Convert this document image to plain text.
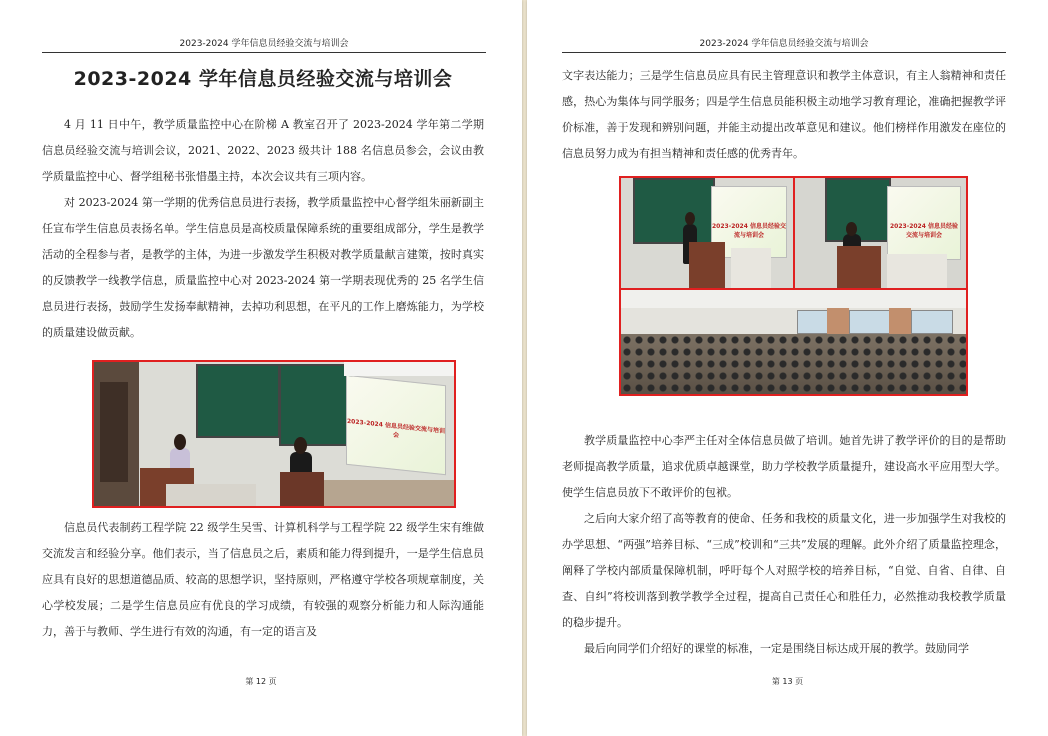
2023-2024 学年信息员经验交流与培训会
2023-2024 学年信息员经验交流与培训会

4 月 11 日中午，教学质量监控中心在阶梯 A 教室召开了 2023-2024 学年第二学期信息员经验交流与培训会议，2021、2022、2023 级共计 188 名信息员参会，会议由教学质量监控中心、督学组秘书张惜墨主持，本次会议共有三项内容。

对 2023-2024 第一学期的优秀信息员进行表扬，教学质量监控中心督学组朱丽新副主任宣布学生信息员表扬名单。学生信息员是高校质量保障系统的重要组成部分，学生是教学活动的全程参与者，是教学的主体，为进一步激发学生积极对教学质量献言建策，按时真实的反馈教学一线教学信息，质量监控中心对 2023-2024 第一学期表现优秀的 25 名学生信息员进行表扬，鼓励学生发扬奉献精神，去掉功利思想，在平凡的工作上磨炼能力，为学校的质量建设做贡献。

2023-2024 信息员经验交流与培训会

信息员代表制药工程学院 22 级学生吴雪、计算机科学与工程学院 22 级学生宋有维做交流发言和经验分享。他们表示，当了信息员之后，素质和能力得到提升，一是学生信息员应具有良好的思想道德品质、较高的思想学识，坚持原则，严格遵守学校各项规章制度，关心学校发展；二是学生信息员应有优良的学习成绩，有较强的观察分析能力和人际沟通能力，善于与教师、学生进行有效的沟通，有一定的语言及

第 12 页
2023-2024 学年信息员经验交流与培训会

文字表达能力；三是学生信息员应具有民主管理意识和教学主体意识，有主人翁精神和责任感，热心为集体与同学服务；四是学生信息员能积极主动地学习教育理论，准确把握教学评价标准，善于发现和辨别问题，并能主动提出改革意见和建议。他们榜样作用激发在座位的信息员努力成为有担当精神和责任感的优秀青年。

2023-2024 信息员经验交流与培训会
2023-2024 信息员经验交流与培训会

教学质量监控中心李严主任对全体信息员做了培训。她首先讲了教学评价的目的是帮助老师提高教学质量，追求优质卓越课堂，助力学校教学质量提升，建设高水平应用型大学。使学生信息员放下不敢评价的包袱。

之后向大家介绍了高等教育的使命、任务和我校的质量文化，进一步加强学生对我校的办学思想、“两强”培养目标、“三成”校训和“三共”发展的理解。此外介绍了质量监控理念，阐释了学校内部质量保障机制，呼吁每个人对照学校的培养目标，“自觉、自省、自律、自查、自纠”将校训落到教学教学全过程，提高自己责任心和胜任力，必然推动我校教学质量的稳步提升。

最后向同学们介绍好的课堂的标准，一定是围绕目标达成开展的教学。鼓励同学

第 13 页
